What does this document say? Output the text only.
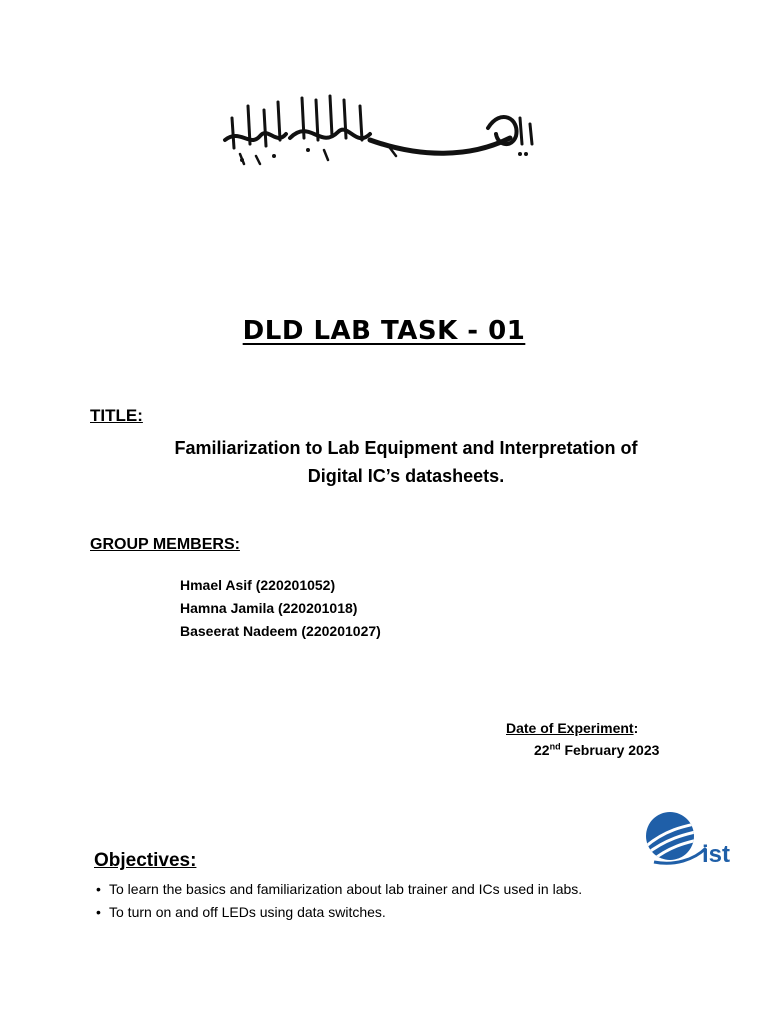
DLD LAB TASK - 01
TITLE:
Familiarization to Lab Equipment and Interpretation of
Digital IC’s datasheets.
GROUP MEMBERS:
Hmael Asif (220201052)
Hamna Jamila (220201018)
Baseerat Nadeem (220201027)
Date of Experiment:
22nd February 2023
ist
Objectives:
• To learn the basics and familiarization about lab trainer and ICs used in labs.
• To turn on and off LEDs using data switches.
